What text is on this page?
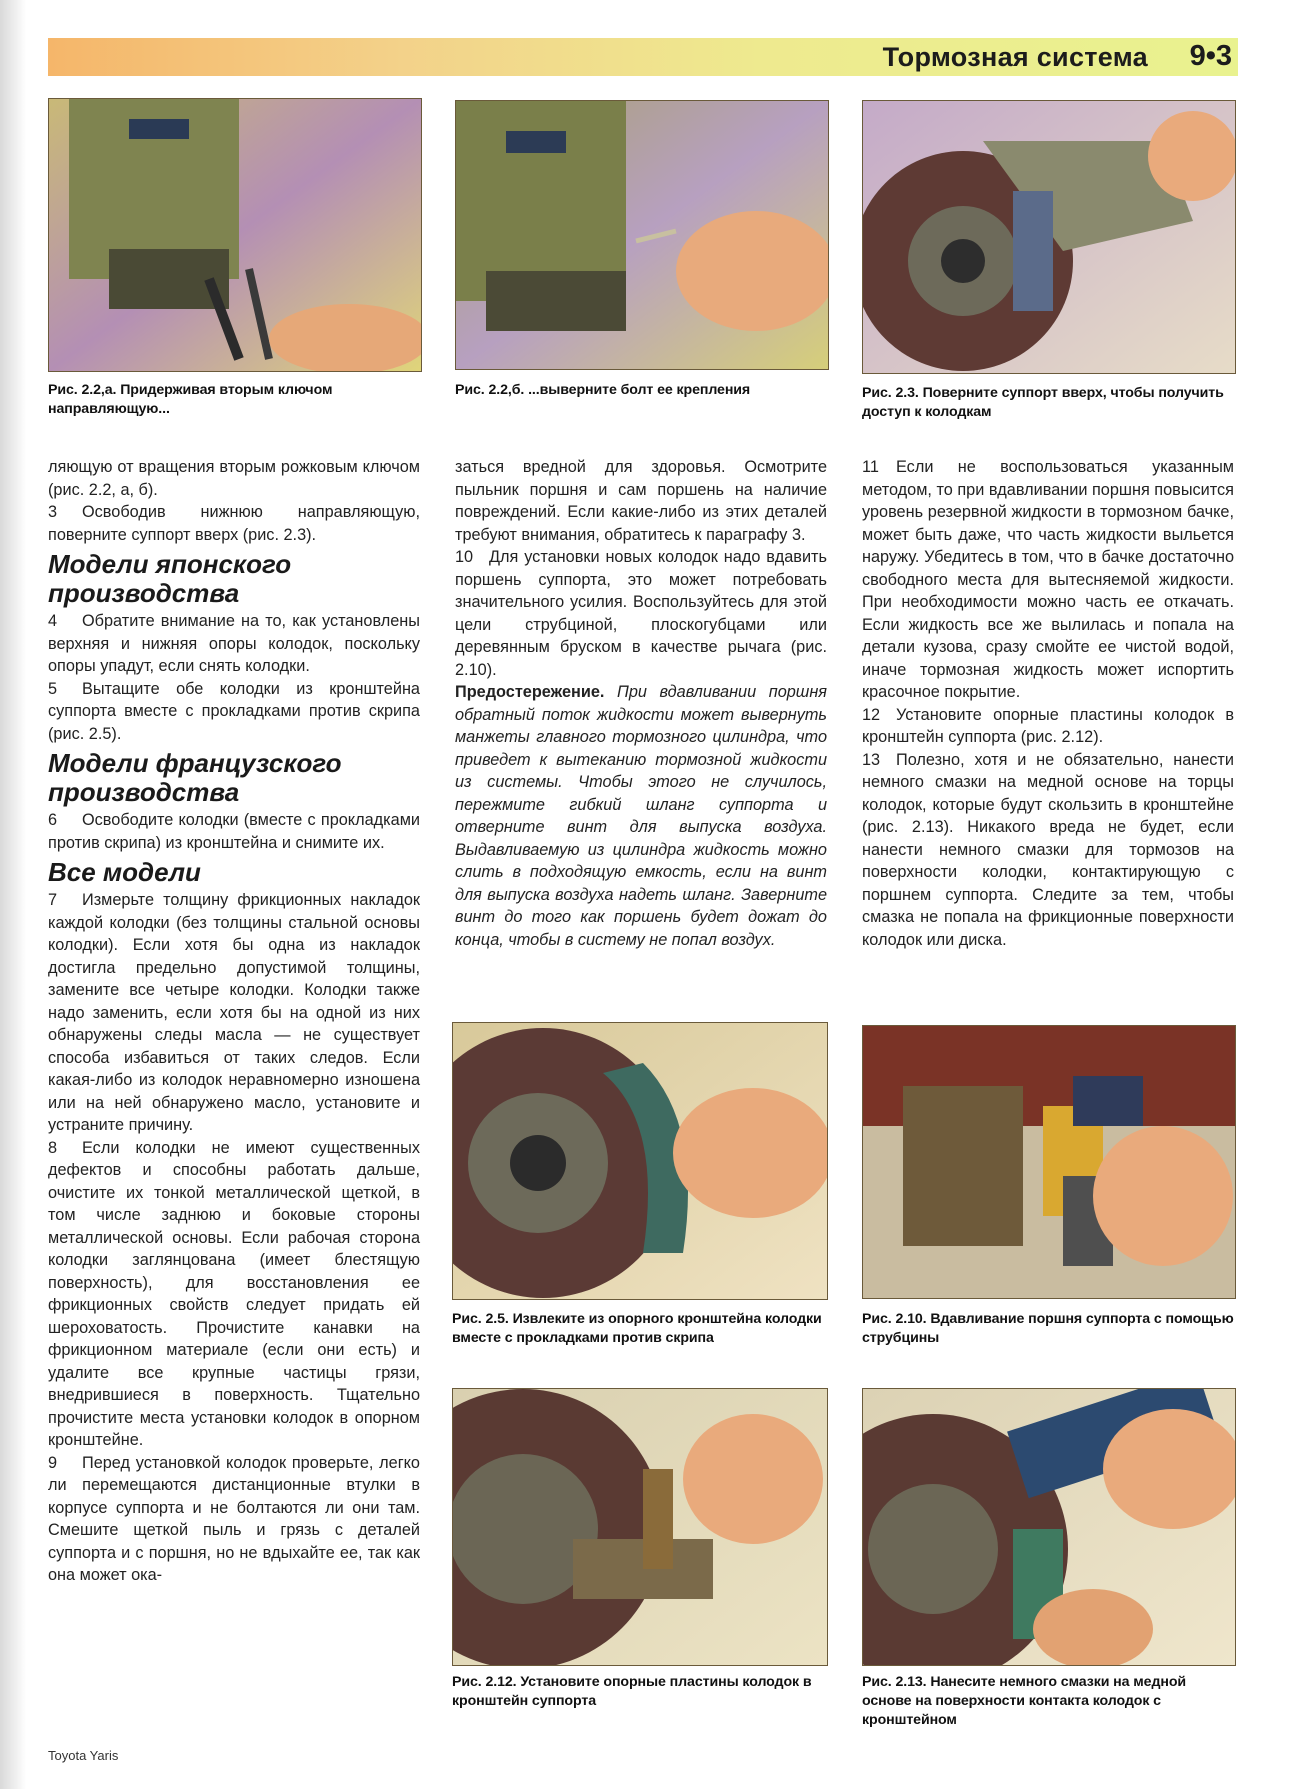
Тормозная система 9•3
Рис. 2.2,а. Придерживая вторым ключом направляющую...
Рис. 2.2,б. ...выверните болт ее крепления	Рис. 2.3. Поверните суппорт вверх, чтобы получить доступ к колодкам

ляющую от вращения вторым рожковым ключом (рис. 2.2, а, б).

3 Освободив нижнюю направляющую, поверните суппорт вверх (рис. 2.3).

Модели японского производства

4 Обратите внимание на то, как установлены верхняя и нижняя опоры колодок, поскольку опоры упадут, если снять колодки.

5 Вытащите обе колодки из кронштейна суппорта вместе с прокладками против скрипа (рис. 2.5).

Модели французского производства

6 Освободите колодки (вместе с прокладками против скрипа) из кронштейна и снимите их.

Все модели

7 Измерьте толщину фрикционных накладок каждой колодки (без толщины стальной основы колодки). Если хотя бы одна из накладок достигла предельно допустимой толщины, замените все четыре колодки. Колодки также надо заменить, если хотя бы на одной из них обнаружены следы масла — не существует способа избавиться от таких следов. Если какая-либо из колодок неравномерно изношена или на ней обнаружено масло, установите и устраните причину.

8 Если колодки не имеют существенных дефектов и способны работать дальше, очистите их тонкой металлической щеткой, в том числе заднюю и боковые стороны металлической основы. Если рабочая сторона колодки заглянцована (имеет блестящую поверхность), для восстановления ее фрикционных свойств следует придать ей шероховатость. Прочистите канавки на фрикционном материале (если они есть) и удалите все крупные частицы грязи, внедрившиеся в поверхность. Тщательно прочистите места установки колодок в опорном кронштейне.

9 Перед установкой колодок проверьте, легко ли перемещаются дистанционные втулки в корпусе суппорта и не болтаются ли они там. Смешите щеткой пыль и грязь с деталей суппорта и с поршня, но не вдыхайте ее, так как она может ока-

заться вредной для здоровья. Осмотрите пыльник поршня и сам поршень на наличие повреждений. Если какие-либо из этих деталей требуют внимания, обратитесь к параграфу 3.

10 Для установки новых колодок надо вдавить поршень суппорта, это может потребовать значительного усилия. Воспользуйтесь для этой цели струбциной, плоскогубцами или деревянным бруском в качестве рычага (рис. 2.10).

Предостережение. При вдавливании поршня обратный поток жидкости может вывернуть манжеты главного тормозного цилиндра, что приведет к вытеканию тормозной жидкости из системы. Чтобы этого не случилось, пережмите гибкий шланг суппорта и отверните винт для выпуска воздуха. Выдавливаемую из цилиндра жидкость можно слить в подходящую емкость, если на винт для выпуска воздуха надеть шланг. Заверните винт до того как поршень будет дожат до конца, чтобы в систему не попал воздух.

11 Если не воспользоваться указанным методом, то при вдавливании поршня повысится уровень резервной жидкости в тормозном бачке, может быть даже, что часть жидкости выльется наружу. Убедитесь в том, что в бачке достаточно свободного места для вытесняемой жидкости. При необходимости можно часть ее откачать. Если жидкость все же вылилась и попала на детали кузова, сразу смойте ее чистой водой, иначе тормозная жидкость может испортить красочное покрытие.

12 Установите опорные пластины колодок в кронштейн суппорта (рис. 2.12).

13 Полезно, хотя и не обязательно, нанести немного смазки на медной основе на торцы колодок, которые будут скользить в кронштейне (рис. 2.13). Никакого вреда не будет, если нанести немного смазки для тормозов на поверхности колодки, контактирующую с поршнем суппорта. Следите за тем, чтобы смазка не попала на фрикционные поверхности колодок или диска.

Рис. 2.5. Извлеките из опорного кронштейна колодки вместе с прокладками против скрипа
Рис. 2.10. Вдавливание поршня суппорта с помощью струбцины
Рис. 2.12. Установите опорные пластины колодок в кронштейн суппорта
Рис. 2.13. Нанесите немного смазки на медной основе на поверхности контакта колодок с кронштейном
Toyota Yaris
